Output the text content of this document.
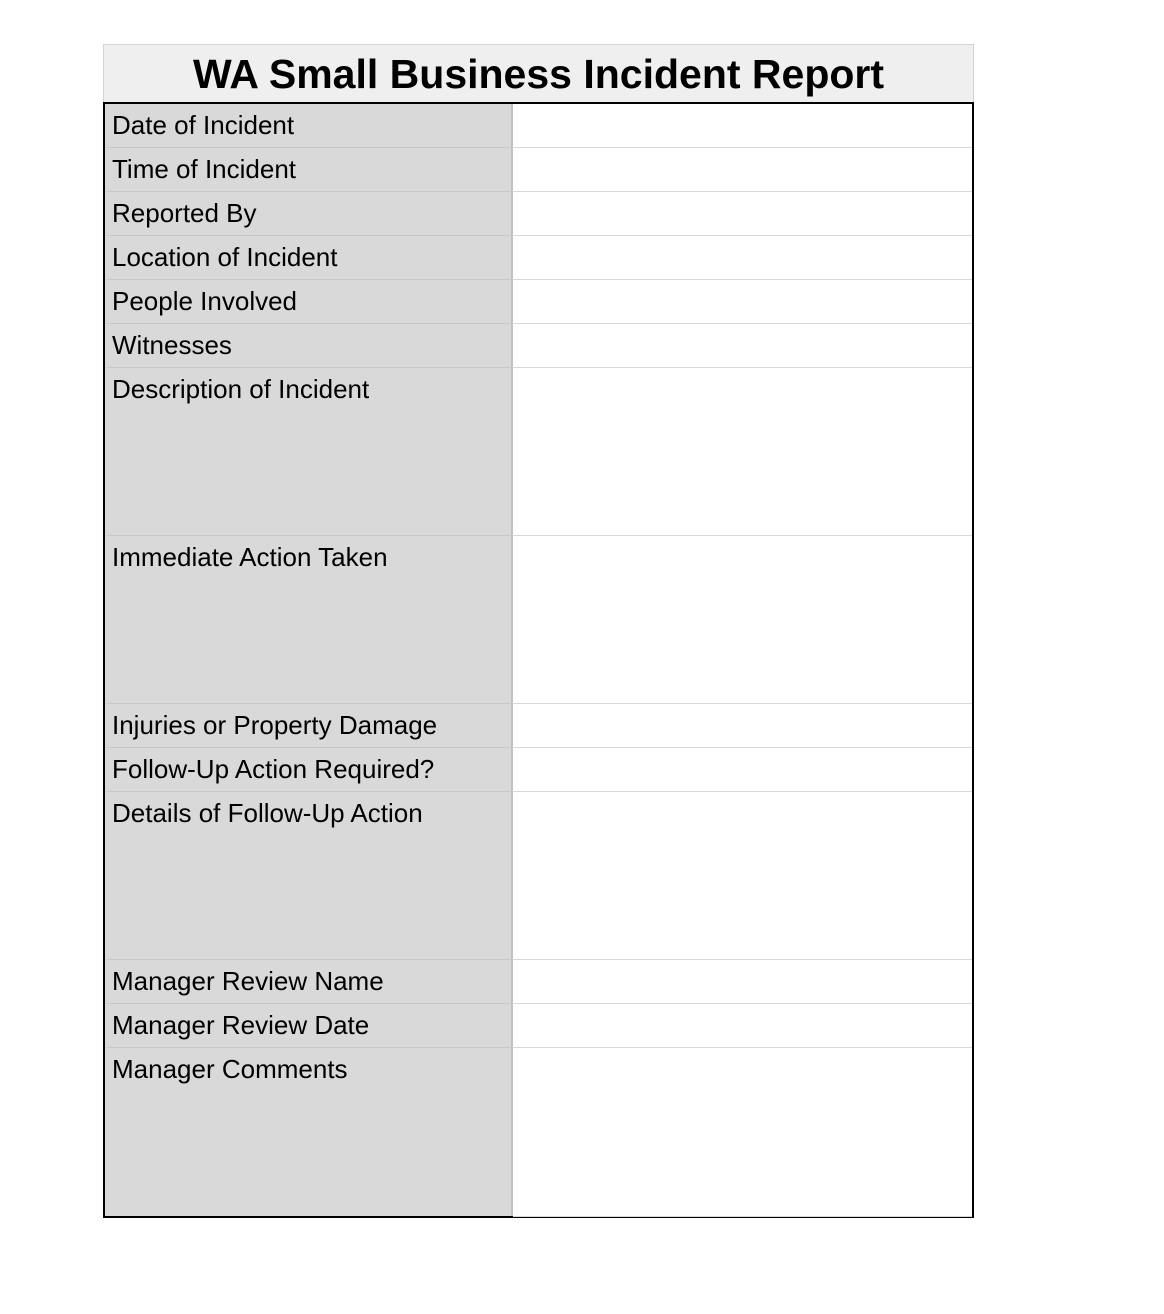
WA Small Business Incident Report
Date of Incident
Time of Incident
Reported By
Location of Incident
People Involved
Witnesses
Description of Incident
Immediate Action Taken
Injuries or Property Damage
Follow-Up Action Required?
Details of Follow-Up Action
Manager Review Name
Manager Review Date
Manager Comments
